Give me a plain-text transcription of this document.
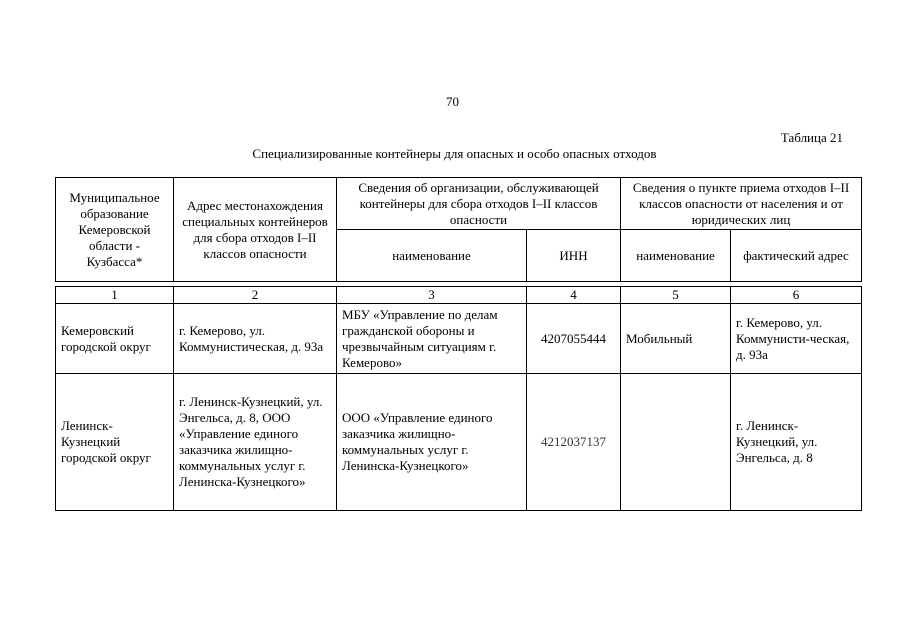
70
Таблица 21
Специализированные контейнеры для опасных и особо опасных отходов
Муниципальное образование Кемеровской области - Кузбасса*	Адрес местонахождения специальных контейнеров для сбора отходов I–II классов опасности	Сведения об организации, обслуживающей контейнеры для сбора отходов I–II классов опасности		Сведения о пункте приема отходов I–II классов опасности от населения и от юридических лиц	
		наименование	ИНН	наименование	фактический адрес
1	2	3	4	5	6
Кемеровский городской округ	г. Кемерово, ул. Коммунистическая, д. 93а	МБУ «Управление по делам гражданской обороны и чрезвычайным ситуациям г. Кемерово»	4207055444	Мобильный	г. Кемерово, ул. Коммунисти-ческая, д. 93а
Ленинск-Кузнецкий городской округ	г. Ленинск-Кузнецкий, ул. Энгельса, д. 8, ООО «Управление единого заказчика жилищно-коммунальных услуг г. Ленинска-Кузнецкого»	ООО «Управление единого заказчика жилищно-коммунальных услуг г. Ленинска-Кузнецкого»	4212037137		г. Ленинск-Кузнецкий, ул. Энгельса, д. 8
